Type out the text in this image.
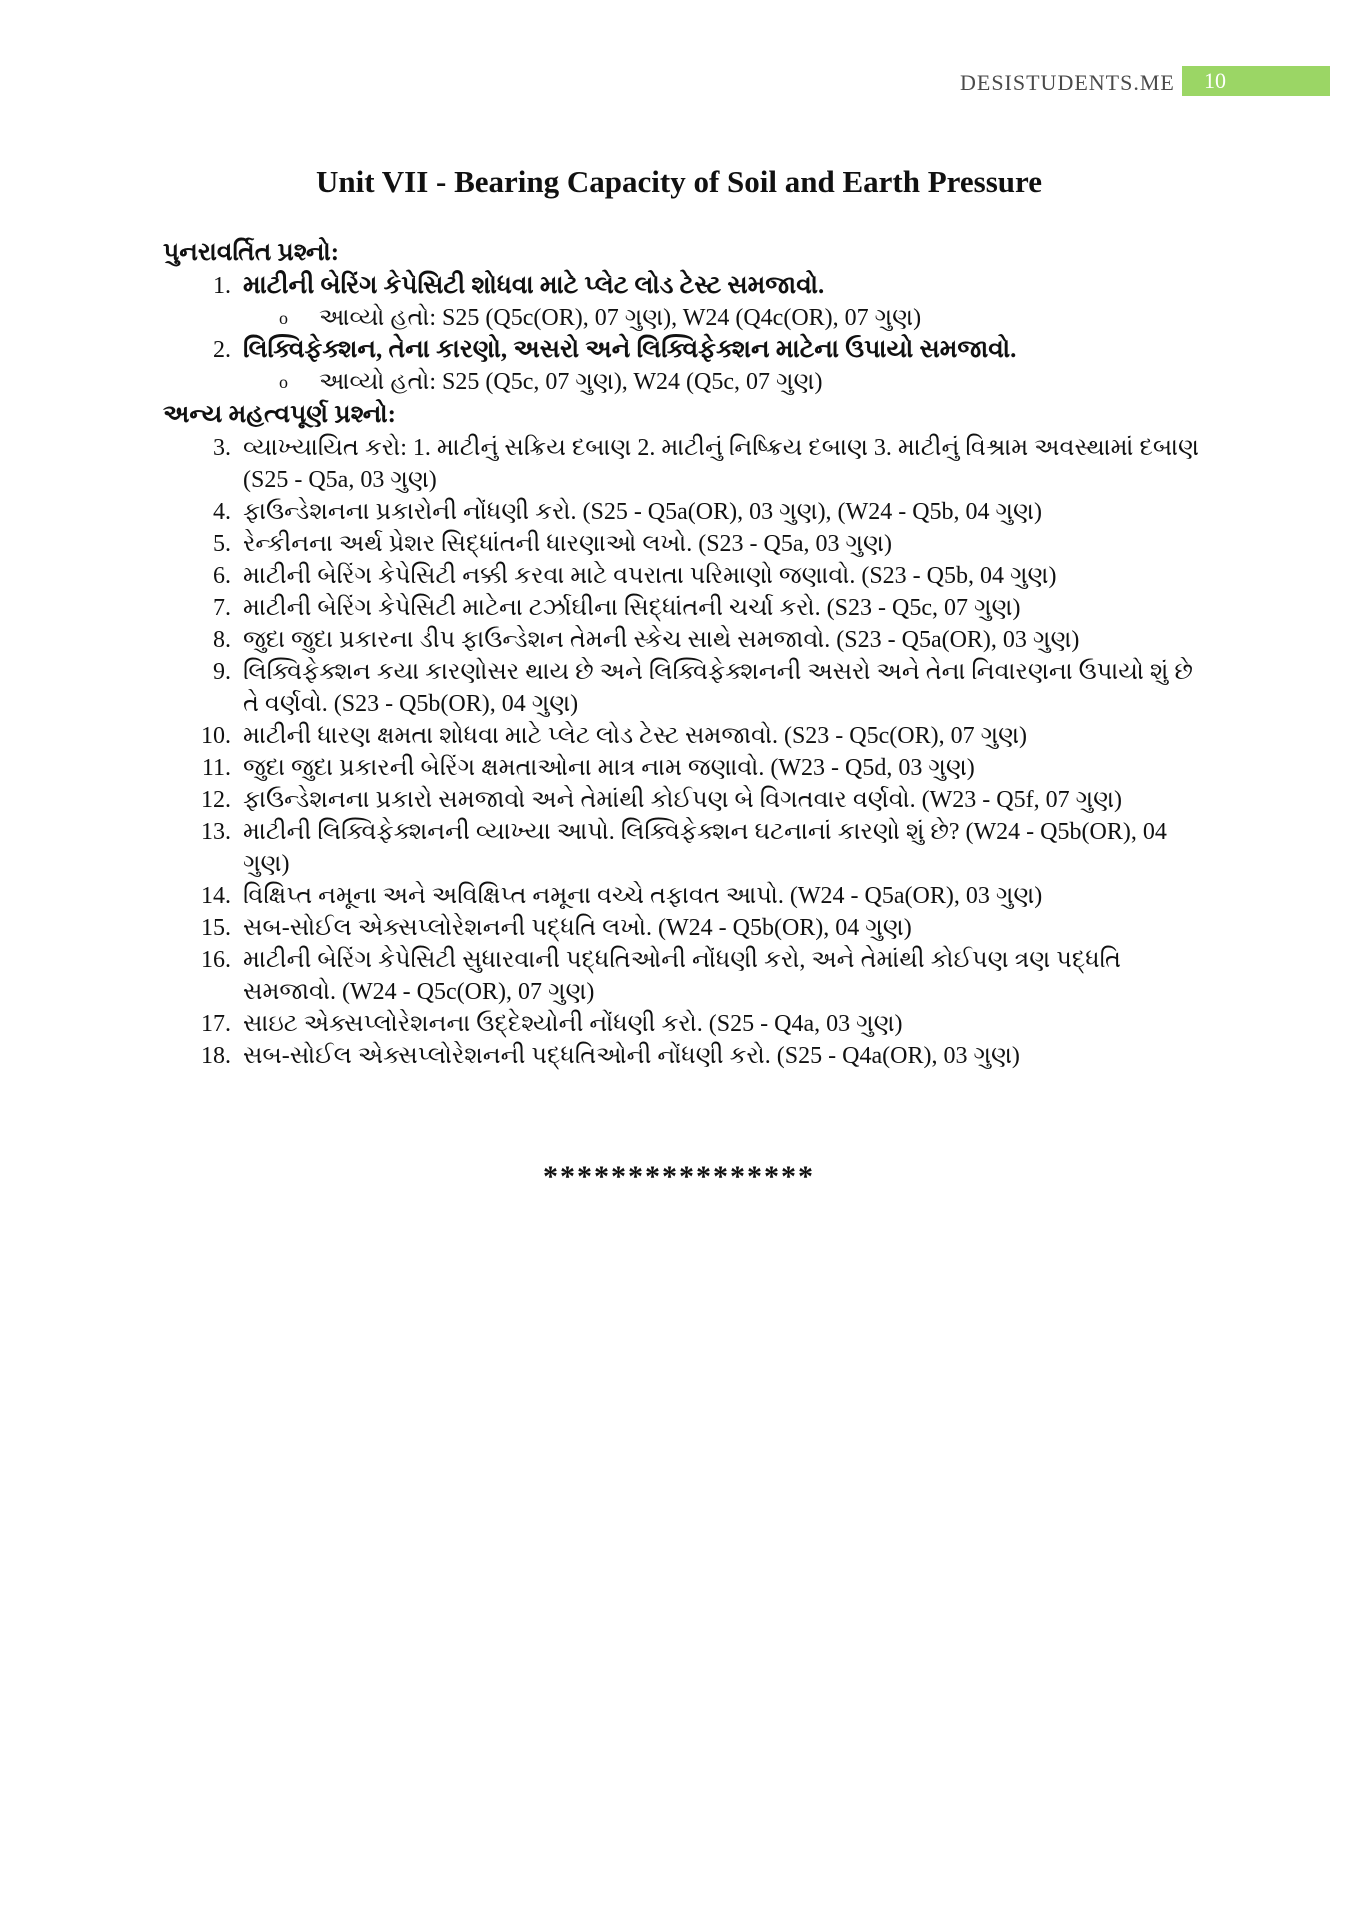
DESISTUDENTS.ME	10
Unit VII - Bearing Capacity of Soil and Earth Pressure

પુનરાવર્તિત પ્રશ્નો:

1. માટીની બેરિંગ કેપેસિટી શોધવા માટે પ્લેટ લોડ ટેસ્ટ સમજાવો.
o	આવ્યો હતો: S25 (Q5c(OR), 07 ગુણ), W24 (Q4c(OR), 07 ગુણ)
2. લિક્વિફેક્શન, તેના કારણો, અસરો અને લિક્વિફેક્શન માટેના ઉપાયો સમજાવો.
o	આવ્યો હતો: S25 (Q5c, 07 ગુણ), W24 (Q5c, 07 ગુણ)

અન્ય મહત્વપૂર્ણ પ્રશ્નો:

3. વ્યાખ્યાયિત કરો: 1. માટીનું સક્રિય દબાણ 2. માટીનું નિષ્ક્રિય દબાણ 3. માટીનું વિશ્રામ અવસ્થામાં દબાણ (S25 - Q5a, 03 ગુણ)
4. ફાઉન્ડેશનના પ્રકારોની નોંધણી કરો. (S25 - Q5a(OR), 03 ગુણ), (W24 - Q5b, 04 ગુણ)
5. રેન્કીનના અર્થ પ્રેશર સિદ્ધાંતની ધારણાઓ લખો. (S23 - Q5a, 03 ગુણ)
6. માટીની બેરિંગ કેપેસિટી નક્કી કરવા માટે વપરાતા પરિમાણો જણાવો. (S23 - Q5b, 04 ગુણ)
7. માટીની બેરિંગ કેપેસિટી માટેના ટર્ઝાઘીના સિદ્ધાંતની ચર્ચા કરો. (S23 - Q5c, 07 ગુણ)
8. જુદા જુદા પ્રકારના ડીપ ફાઉન્ડેશન તેમની સ્કેચ સાથે સમજાવો. (S23 - Q5a(OR), 03 ગુણ)
9. લિક્વિફેક્શન કયા કારણોસર થાય છે અને લિક્વિફેક્શનની અસરો અને તેના નિવારણના ઉપાયો શું છે તે વર્ણવો. (S23 - Q5b(OR), 04 ગુણ)
10. માટીની ધારણ ક્ષમતા શોધવા માટે પ્લેટ લોડ ટેસ્ટ સમજાવો. (S23 - Q5c(OR), 07 ગુણ)
11. જુદા જુદા પ્રકારની બેરિંગ ક્ષમતાઓના માત્ર નામ જણાવો. (W23 - Q5d, 03 ગુણ)
12. ફાઉન્ડેશનના પ્રકારો સમજાવો અને તેમાંથી કોઈપણ બે વિગતવાર વર્ણવો. (W23 - Q5f, 07 ગુણ)
13. માટીની લિક્વિફેક્શનની વ્યાખ્યા આપો. લિક્વિફેક્શન ઘટનાનાં કારણો શું છે? (W24 - Q5b(OR), 04 ગુણ)
14. વિક્ષિપ્ત નમૂના અને અવિક્ષિપ્ત નમૂના વચ્ચે તફાવત આપો. (W24 - Q5a(OR), 03 ગુણ)
15. સબ-સોઈલ એક્સપ્લોરેશનની પદ્ધતિ લખો. (W24 - Q5b(OR), 04 ગુણ)
16. માટીની બેરિંગ કેપેસિટી સુધારવાની પદ્ધતિઓની નોંધણી કરો, અને તેમાંથી કોઈપણ ત્રણ પદ્ધતિ સમજાવો. (W24 - Q5c(OR), 07 ગુણ)
17. સાઇટ એક્સપ્લોરેશનના ઉદ્દેશ્યોની નોંધણી કરો. (S25 - Q4a, 03 ગુણ)
18. સબ-સોઈલ એક્સપ્લોરેશનની પદ્ધતિઓની નોંધણી કરો. (S25 - Q4a(OR), 03 ગુણ)
****************
